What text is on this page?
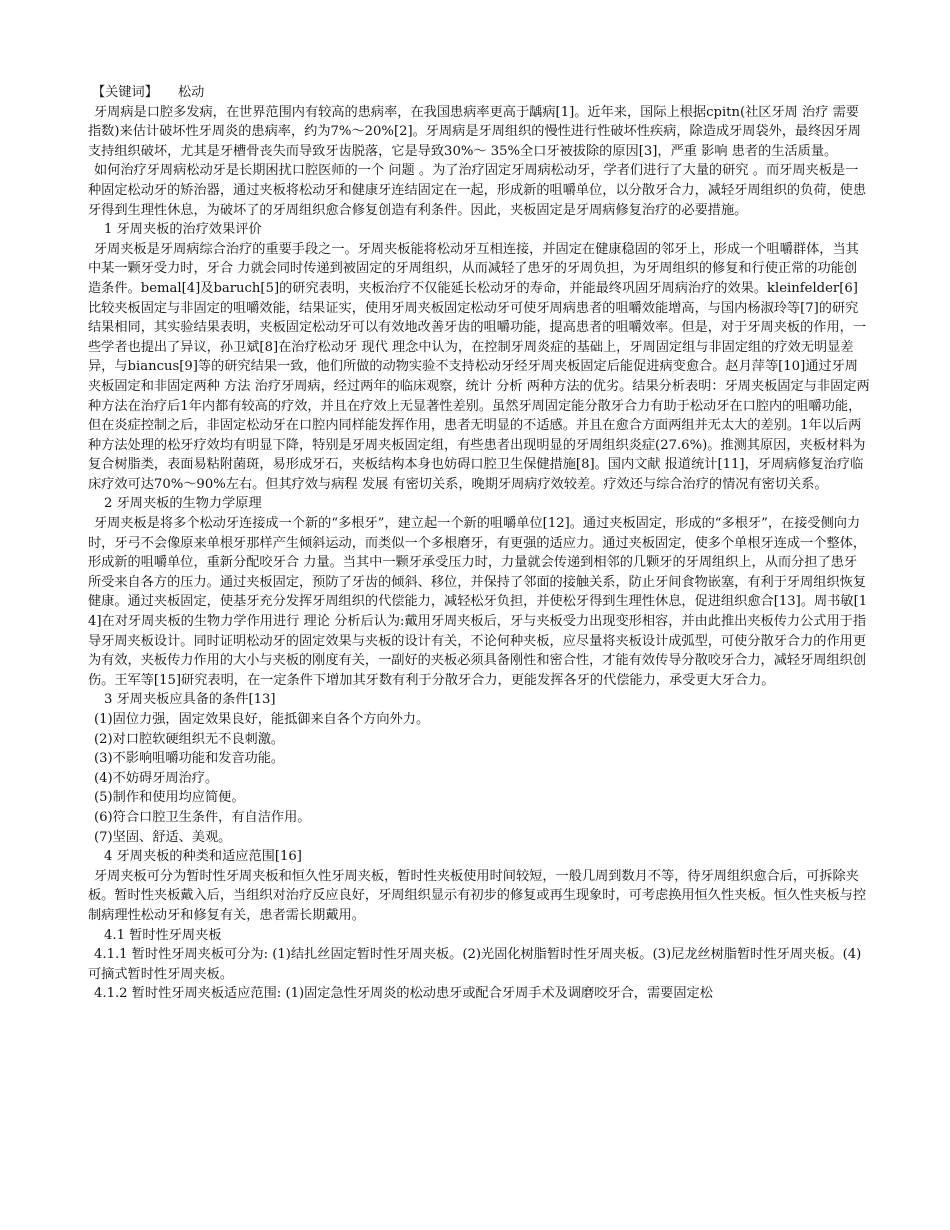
【关键词】 松动

牙周病是口腔多发病，在世界范围内有较高的患病率，在我国患病率更高于龋病[1]。近年来，国际上根据cpitn(社区牙周 治疗 需要指数)来估计破坏性牙周炎的患病率，约为7%～20%[2]。牙周病是牙周组织的慢性进行性破坏性疾病，除造成牙周袋外，最终因牙周支持组织破坏，尤其是牙槽骨丧失而导致牙齿脱落，它是导致30%～ 35%全口牙被拔除的原因[3]，严重 影响 患者的生活质量。

如何治疗牙周病松动牙是长期困扰口腔医师的一个 问题 。为了治疗固定牙周病松动牙，学者们进行了大量的研究 。而牙周夹板是一种固定松动牙的矫治器，通过夹板将松动牙和健康牙连结固定在一起，形成新的咀嚼单位，以分散牙合力，减轻牙周组织的负荷，使患牙得到生理性休息，为破坏了的牙周组织愈合修复创造有利条件。因此，夹板固定是牙周病修复治疗的必要措施。

1 牙周夹板的治疗效果评价

牙周夹板是牙周病综合治疗的重要手段之一。牙周夹板能将松动牙互相连接，并固定在健康稳固的邻牙上，形成一个咀嚼群体，当其中某一颗牙受力时，牙合 力就会同时传递到被固定的牙周组织，从而减轻了患牙的牙周负担，为牙周组织的修复和行使正常的功能创造条件。bemal[4]及baruch[5]的研究表明，夹板治疗不仅能延长松动牙的寿命，并能最终巩固牙周病治疗的效果。kleinfelder[6]比较夹板固定与非固定的咀嚼效能，结果证实，使用牙周夹板固定松动牙可使牙周病患者的咀嚼效能增高，与国内杨淑玲等[7]的研究结果相同，其实验结果表明，夹板固定松动牙可以有效地改善牙齿的咀嚼功能，提高患者的咀嚼效率。但是，对于牙周夹板的作用，一些学者也提出了异议，孙卫斌[8]在治疗松动牙 现代 理念中认为，在控制牙周炎症的基础上，牙周固定组与非固定组的疗效无明显差异，与biancus[9]等的研究结果一致，他们所做的动物实验不支持松动牙经牙周夹板固定后能促进病变愈合。赵月萍等[10]通过牙周夹板固定和非固定两种 方法 治疗牙周病，经过两年的临床观察，统计 分析 两种方法的优劣。结果分析表明：牙周夹板固定与非固定两种方法在治疗后1年内都有较高的疗效，并且在疗效上无显著性差别。虽然牙周固定能分散牙合力有助于松动牙在口腔内的咀嚼功能，但在炎症控制之后，非固定松动牙在口腔内同样能发挥作用，患者无明显的不适感。并且在愈合方面两组并无太大的差别。1年以后两种方法处理的松牙疗效均有明显下降，特别是牙周夹板固定组，有些患者出现明显的牙周组织炎症(27.6%)。推测其原因，夹板材料为复合树脂类，表面易粘附菌斑，易形成牙石，夹板结构本身也妨碍口腔卫生保健措施[8]。国内文献 报道统计[11]，牙周病修复治疗临床疗效可达70%～90%左右。但其疗效与病程 发展 有密切关系，晚期牙周病疗效较差。疗效还与综合治疗的情况有密切关系。

2 牙周夹板的生物力学原理

牙周夹板是将多个松动牙连接成一个新的“多根牙”，建立起一个新的咀嚼单位[12]。通过夹板固定，形成的“多根牙”，在接受侧向力时，牙弓不会像原来单根牙那样产生倾斜运动，而类似一个多根磨牙，有更强的适应力。通过夹板固定，使多个单根牙连成一个整体，形成新的咀嚼单位，重新分配咬牙合 力量。当其中一颗牙承受压力时，力量就会传递到相邻的几颗牙的牙周组织上，从而分担了患牙所受来自各方的压力。通过夹板固定，预防了牙齿的倾斜、移位，并保持了邻面的接触关系，防止牙间食物嵌塞，有利于牙周组织恢复健康。通过夹板固定，使基牙充分发挥牙周组织的代偿能力，减轻松牙负担，并使松牙得到生理性休息，促进组织愈合[13]。周书敏[14]在对牙周夹板的生物力学作用进行 理论 分析后认为:戴用牙周夹板后，牙与夹板受力出现变形相容，并由此推出夹板传力公式用于指导牙周夹板设计。同时证明松动牙的固定效果与夹板的设计有关，不论何种夹板，应尽量将夹板设计成弧型，可使分散牙合力的作用更为有效，夹板传力作用的大小与夹板的刚度有关，一副好的夹板必须具备刚性和密合性，才能有效传导分散咬牙合力，减轻牙周组织创伤。王军等[15]研究表明，在一定条件下增加其牙数有利于分散牙合力，更能发挥各牙的代偿能力，承受更大牙合力。

3 牙周夹板应具备的条件[13]

(1)固位力强，固定效果良好，能抵御来自各个方向外力。

(2)对口腔软硬组织无不良刺激。

(3)不影响咀嚼功能和发音功能。

(4)不妨碍牙周治疗。

(5)制作和使用均应简便。

(6)符合口腔卫生条件，有自洁作用。

(7)坚固、舒适、美观。

4 牙周夹板的种类和适应范围[16]

牙周夹板可分为暂时性牙周夹板和恒久性牙周夹板，暂时性夹板使用时间较短，一般几周到数月不等，待牙周组织愈合后，可拆除夹板。暂时性夹板戴入后，当组织对治疗反应良好，牙周组织显示有初步的修复或再生现象时，可考虑换用恒久性夹板。恒久性夹板与控制病理性松动牙和修复有关，患者需长期戴用。

4.1 暂时性牙周夹板

4.1.1 暂时性牙周夹板可分为: (1)结扎丝固定暂时性牙周夹板。(2)光固化树脂暂时性牙周夹板。(3)尼龙丝树脂暂时性牙周夹板。(4)可摘式暂时性牙周夹板。

4.1.2 暂时性牙周夹板适应范围: (1)固定急性牙周炎的松动患牙或配合牙周手术及调磨咬牙合，需要固定松
